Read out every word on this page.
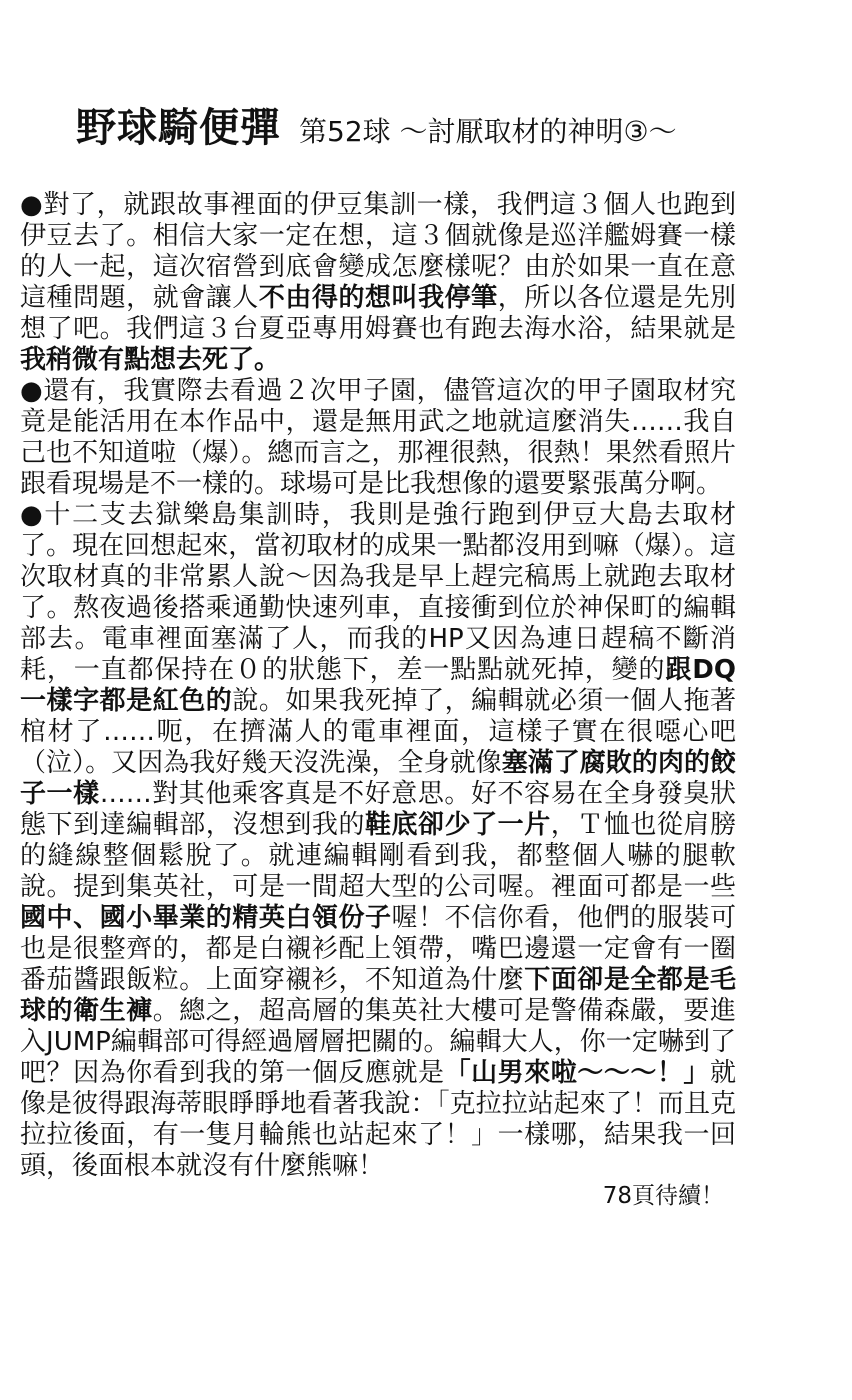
野球騎便彈 第52球 ～討厭取材的神明③～

●對了，就跟故事裡面的伊豆集訓一樣，我們這３個人也跑到伊豆去了。相信大家一定在想，這３個就像是巡洋艦姆賽一樣的人一起，這次宿營到底會變成怎麼樣呢？由於如果一直在意這種問題，就會讓人不由得的想叫我停筆，所以各位還是先別想了吧。我們這３台夏亞專用姆賽也有跑去海水浴，結果就是我稍微有點想去死了。

●還有，我實際去看過２次甲子園，儘管這次的甲子園取材究竟是能活用在本作品中，還是無用武之地就這麼消失……我自己也不知道啦（爆）。總而言之，那裡很熱，很熱！果然看照片跟看現場是不一樣的。球場可是比我想像的還要緊張萬分啊。

●十二支去獄樂島集訓時，我則是強行跑到伊豆大島去取材了。現在回想起來，當初取材的成果一點都沒用到嘛（爆）。這次取材真的非常累人說～因為我是早上趕完稿馬上就跑去取材了。熬夜過後搭乘通勤快速列車，直接衝到位於神保町的編輯部去。電車裡面塞滿了人，而我的HP又因為連日趕稿不斷消耗，一直都保持在０的狀態下，差一點點就死掉，變的跟DQ一樣字都是紅色的說。如果我死掉了，編輯就必須一個人拖著棺材了……呃，在擠滿人的電車裡面，這樣子實在很噁心吧（泣）。又因為我好幾天沒洗澡，全身就像塞滿了腐敗的肉的餃子一樣……對其他乘客真是不好意思。好不容易在全身發臭狀態下到達編輯部，沒想到我的鞋底卻少了一片，Ｔ恤也從肩膀的縫線整個鬆脫了。就連編輯剛看到我，都整個人嚇的腿軟說。提到集英社，可是一間超大型的公司喔。裡面可都是一些國中、國小畢業的精英白領份子喔！不信你看，他們的服裝可也是很整齊的，都是白襯衫配上領帶，嘴巴邊還一定會有一圈番茄醬跟飯粒。上面穿襯衫，不知道為什麼下面卻是全都是毛球的衛生褲。總之，超高層的集英社大樓可是警備森嚴，要進入JUMP編輯部可得經過層層把關的。編輯大人，你一定嚇到了吧？因為你看到我的第一個反應就是「山男來啦～～～！」就像是彼得跟海蒂眼睜睜地看著我說：「克拉拉站起來了！而且克拉拉後面，有一隻月輪熊也站起來了！」一樣哪，結果我一回頭，後面根本就沒有什麼熊嘛！

78頁待續！
